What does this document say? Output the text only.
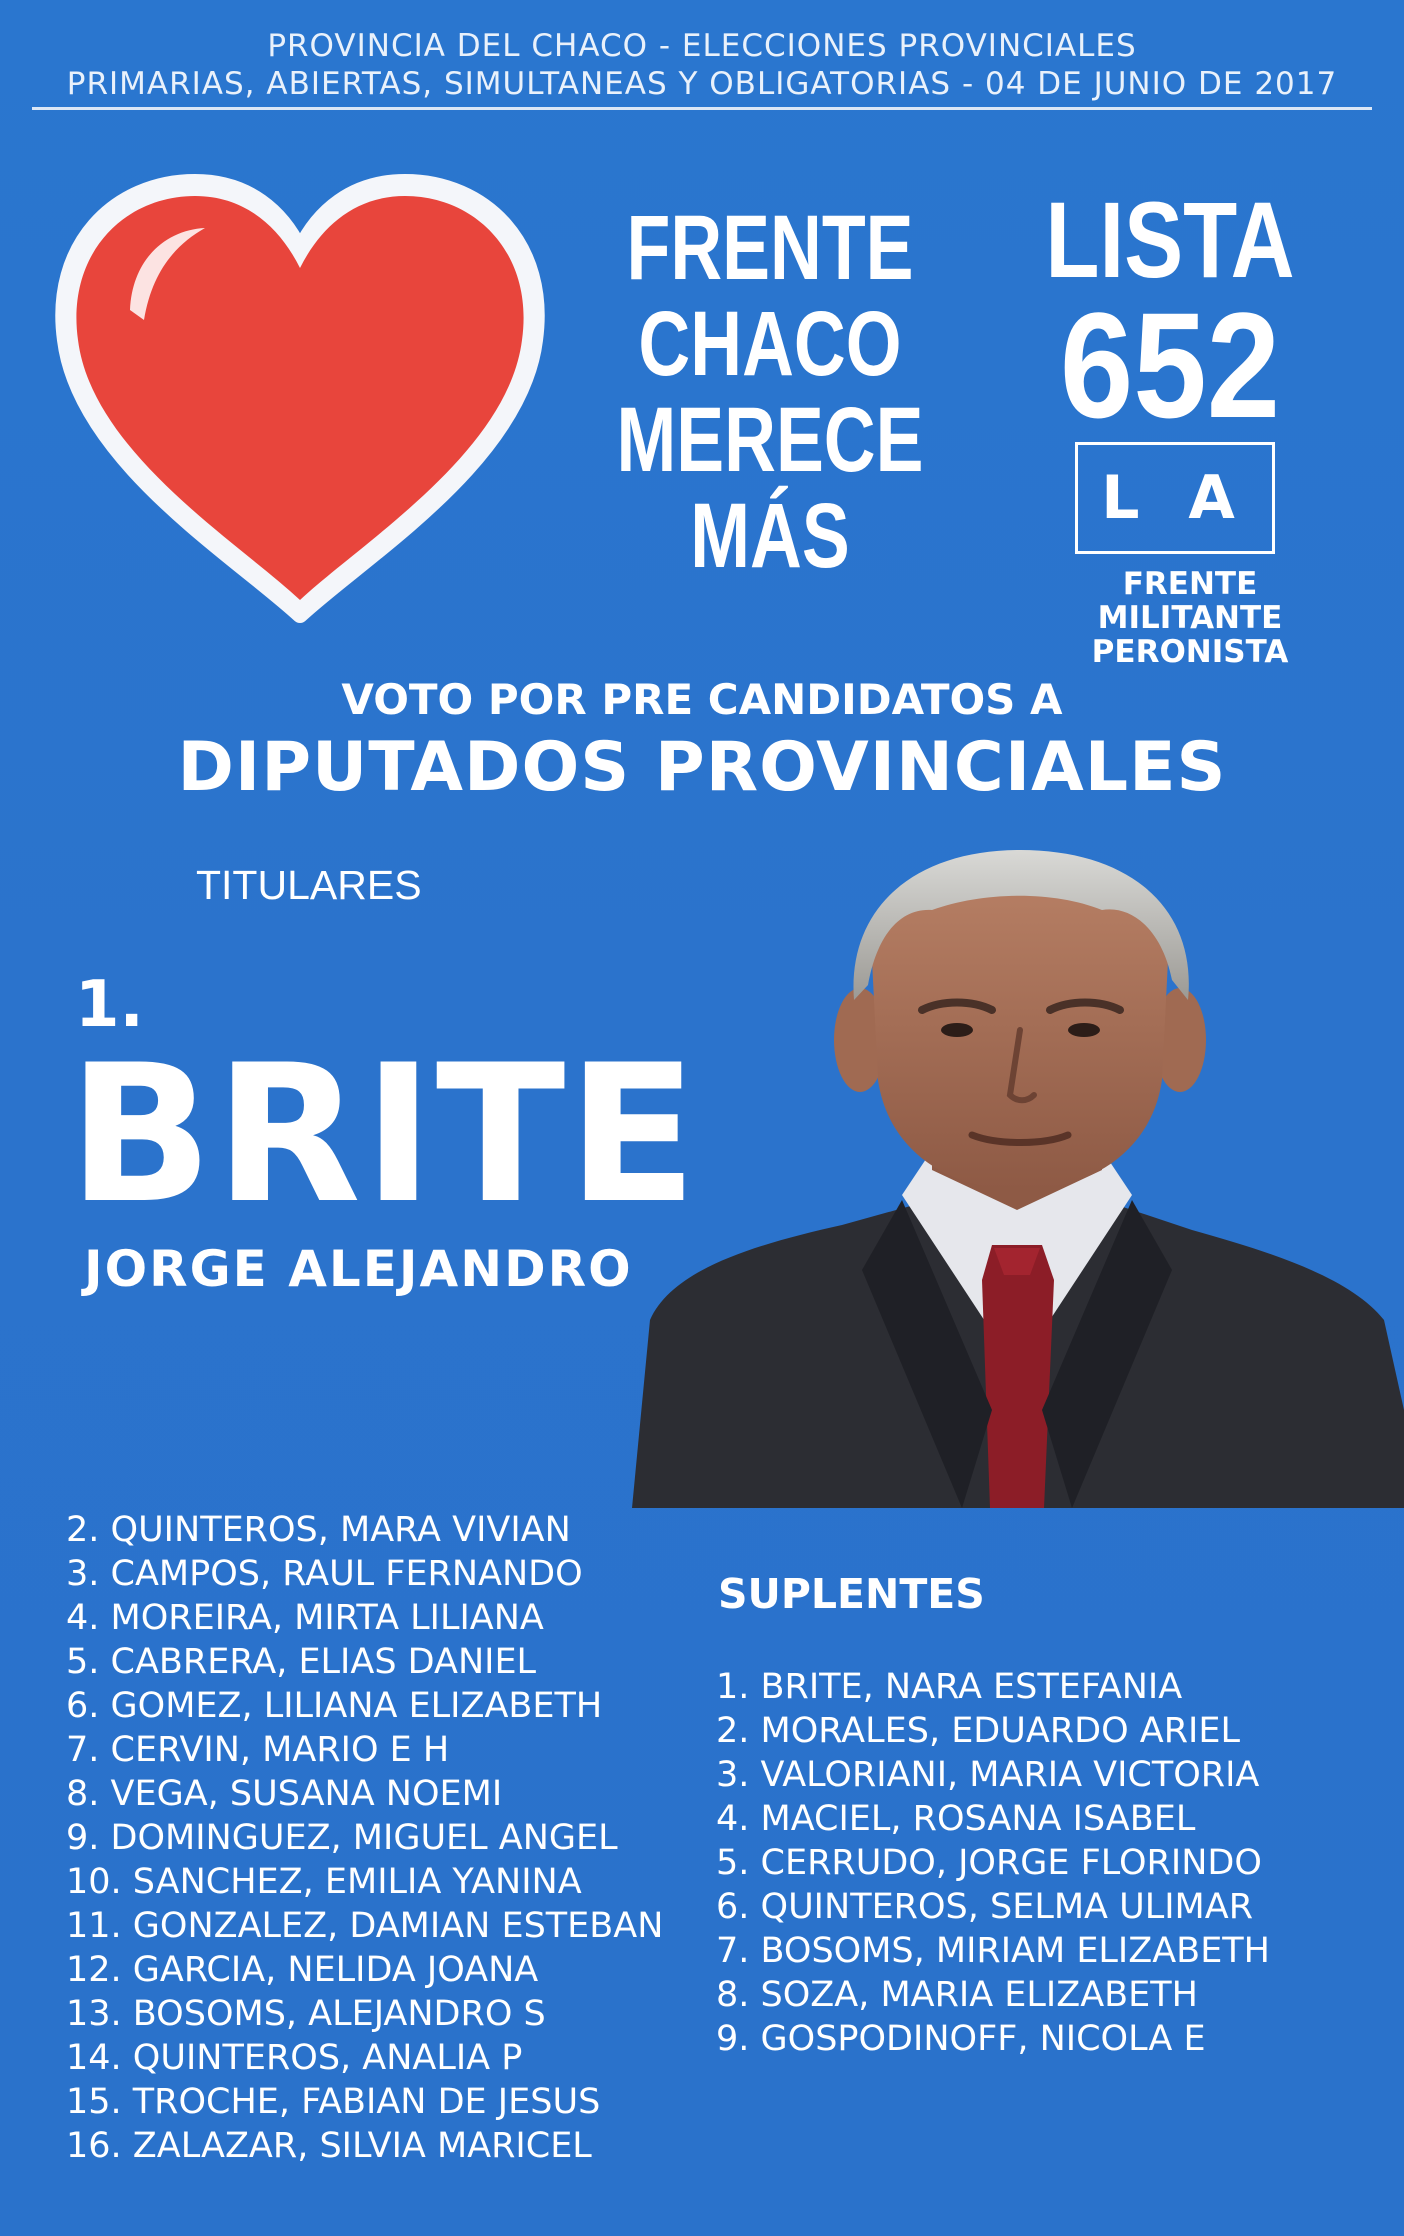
PROVINCIA DEL CHACO - ELECCIONES PROVINCIALES
PRIMARIAS, ABIERTAS, SIMULTANEAS Y OBLIGATORIAS - 04 DE JUNIO DE 2017
FRENTE
CHACO
MERECE
MÁS
LISTA
652
L A
FRENTE
MILITANTE
PERONISTA
VOTO POR PRE CANDIDATOS A
DIPUTADOS PROVINCIALES
TITULARES
1.
BRITE
JORGE ALEJANDRO
2. QUINTEROS, MARA VIVIAN
3. CAMPOS, RAUL FERNANDO
4. MOREIRA, MIRTA LILIANA
5. CABRERA, ELIAS DANIEL
6. GOMEZ, LILIANA ELIZABETH
7. CERVIN, MARIO E H
8. VEGA, SUSANA NOEMI
9. DOMINGUEZ, MIGUEL ANGEL
10. SANCHEZ, EMILIA YANINA
11. GONZALEZ, DAMIAN ESTEBAN
12. GARCIA, NELIDA JOANA
13. BOSOMS, ALEJANDRO S
14. QUINTEROS, ANALIA P
15. TROCHE, FABIAN DE JESUS
16. ZALAZAR, SILVIA MARICEL
SUPLENTES
1. BRITE, NARA ESTEFANIA
2. MORALES, EDUARDO ARIEL
3. VALORIANI, MARIA VICTORIA
4. MACIEL, ROSANA ISABEL
5. CERRUDO, JORGE FLORINDO
6. QUINTEROS, SELMA ULIMAR
7. BOSOMS, MIRIAM ELIZABETH
8. SOZA, MARIA ELIZABETH
9. GOSPODINOFF, NICOLA E
